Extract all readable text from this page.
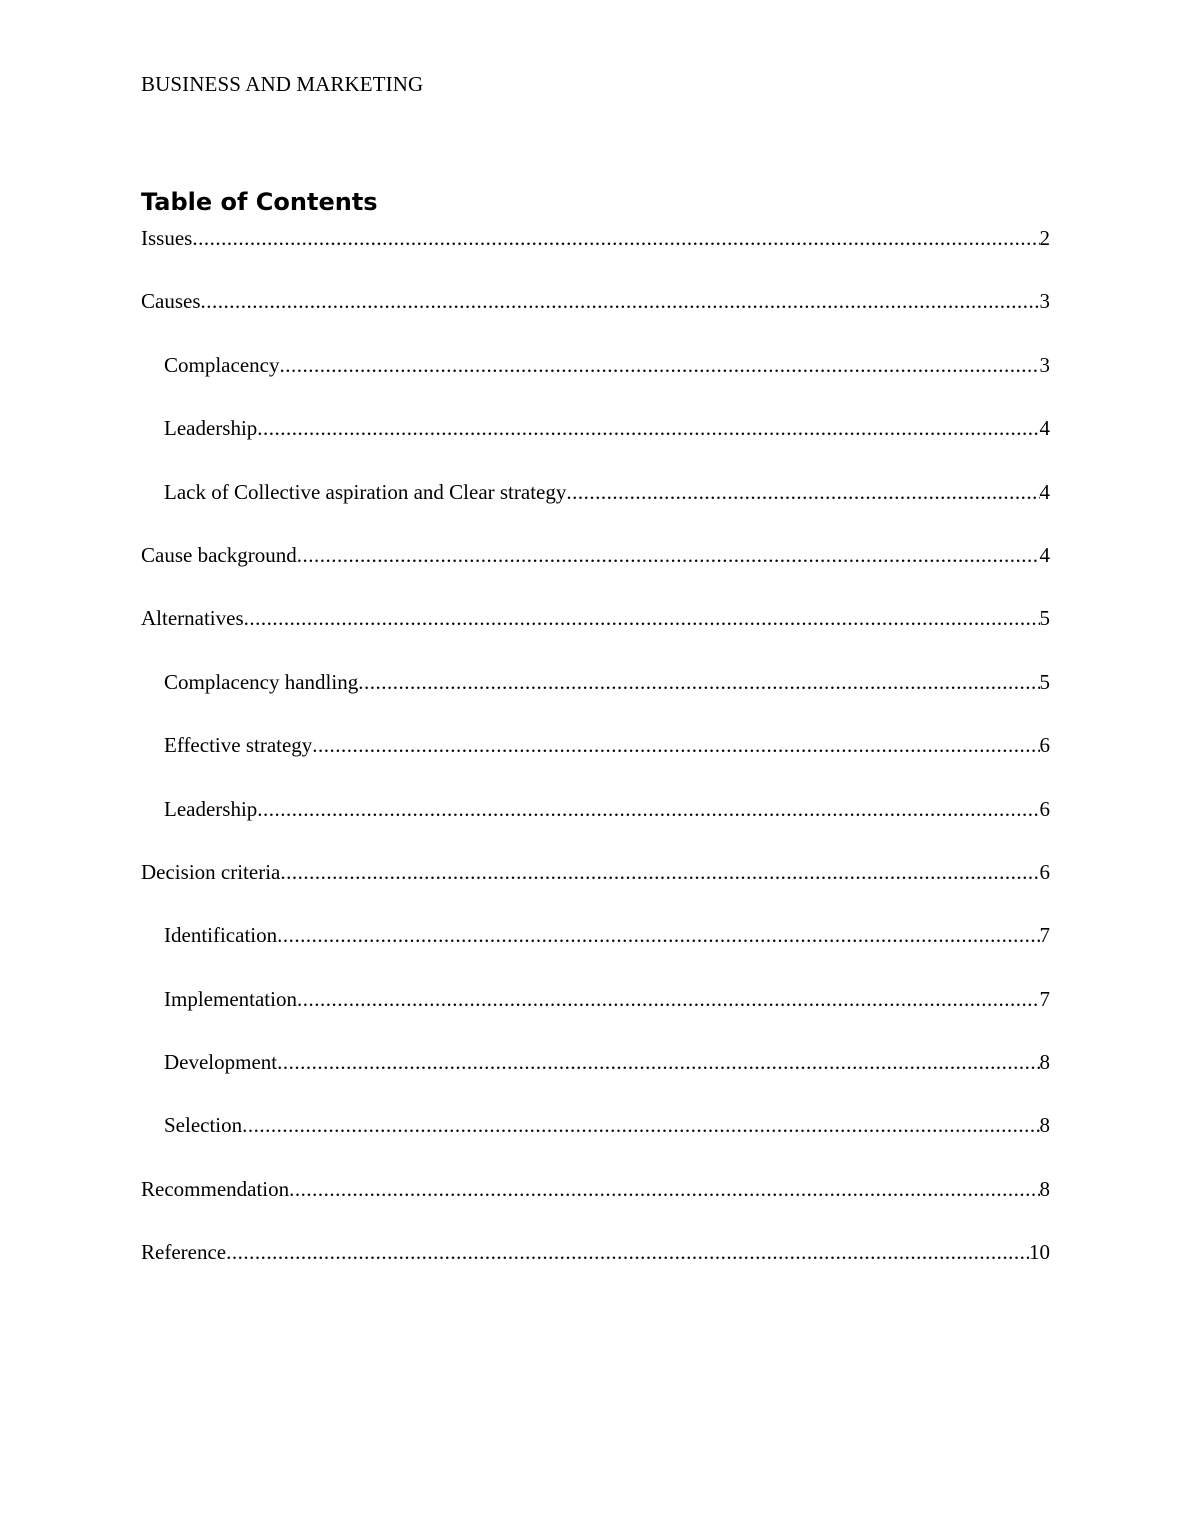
BUSINESS AND MARKETING
Table of Contents
Issues .....	2
Causes .....	3
Complacency .....	3
Leadership .....	4
Lack of Collective aspiration and Clear strategy .....	4
Cause background .....	4
Alternatives .....	5
Complacency handling .....	5
Effective strategy .....	6
Leadership .....	6
Decision criteria .....	6
Identification .....	7
Implementation .....	7
Development .....	8
Selection .....	8
Recommendation .....	8
Reference .....	10
